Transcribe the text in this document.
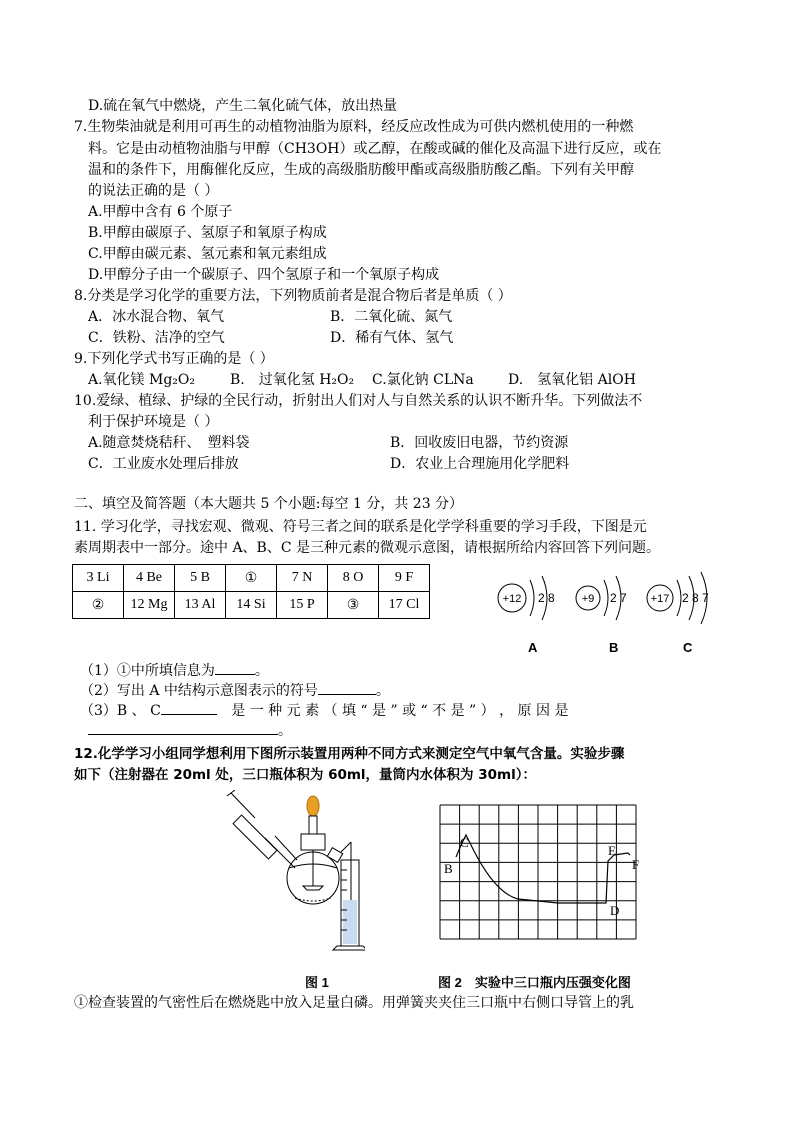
D.硫在氧气中燃烧，产生二氧化硫气体，放出热量
7.生物柴油就是利用可再生的动植物油脂为原料，经反应改性成为可供内燃机使用的一种燃
料。它是由动植物油脂与甲醇（CH3OH）或乙醇，在酸或碱的催化及高温下进行反应，或在
温和的条件下，用酶催化反应，生成的高级脂肪酸甲酯或高级脂肪酸乙酯。下列有关甲醇
的说法正确的是（ ）
A.甲醇中含有 6 个原子
B.甲醇由碳原子、氢原子和氧原子构成
C.甲醇由碳元素、氢元素和氧元素组成
D.甲醇分子由一个碳原子、四个氢原子和一个氧原子构成
8.分类是学习化学的重要方法，下列物质前者是混合物后者是单质（ ）
A．冰水混合物、氧气	B．二氧化硫、氮气
C．铁粉、洁净的空气	D．稀有气体、氢气
9.下列化学式书写正确的是（ ）
A.氧化镁 Mg₂O₂ B.　过氧化氢 H₂O₂ C.氯化钠 CLNa D.　氢氧化铝 AlOH
10.爱绿、植绿、护绿的全民行动，折射出人们对人与自然关系的认识不断升华。下列做法不
利于保护环境是（ ）
A.随意焚烧秸秆、　塑料袋	B．回收废旧电器，节约资源
C．工业废水处理后排放	D．农业上合理施用化学肥料
二、填空及简答题（本大题共 5 个小题:每空 1 分，共 23 分）
11. 学习化学，寻找宏观、微观、符号三者之间的联系是化学学科重要的学习手段，下图是元
素周期表中一部分。途中 A、B、C 是三种元素的微观示意图，请根据所给内容回答下列问题。
3 Li	4 Be	5 B	①	7 N	8 O	9 F
②	12 Mg	13 Al	14 Si	15 P	③	17 Cl	+12 2 8 +9 2 7 +17 2 8 7
A	B	C
（1）①中所填信息为	。
（2）写出 A 中结构示意图表示的符号	。
（3）B 、 C	是 一 种 元 素 （ 填 “ 是 ” 或 “ 不 是 ” ） ， 原 因 是
。
12.化学学习小组同学想利用下图所示装置用两种不同方式来测定空气中氧气含量。实验步骤
如下（注射器在 20ml 处，三口瓶体积为 60ml，量筒内水体积为 30ml）：
B
C
D
E
F
图 1	图 2　实验中三口瓶内压强变化图
①检查装置的气密性后在燃烧匙中放入足量白磷。用弹簧夹夹住三口瓶中右侧口导管上的乳
